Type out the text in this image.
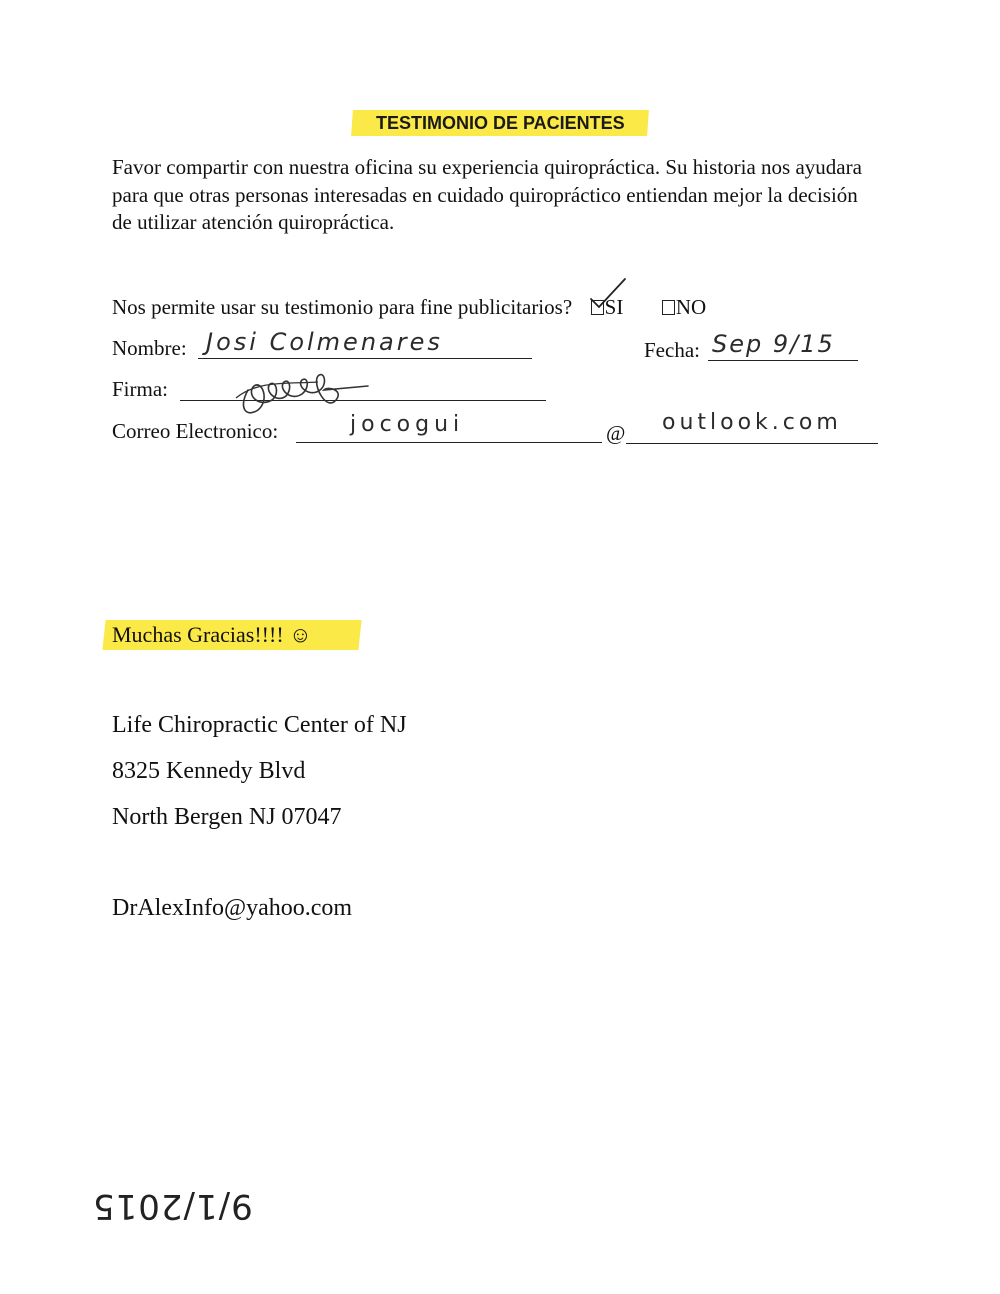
TESTIMONIO DE PACIENTES
Favor compartir con nuestra oficina su experiencia quiropráctica. Su historia nos ayudara para que otras personas interesadas en cuidado quiropráctico entiendan mejor la decisión de utilizar atención quiropráctica.
Nos permite usar su testimonio para fine publicitarios? SI	NO
Nombre: Josi Colmenares	Fecha: Sep 9/15
Firma:
Correo Electronico:	jocogui	@ outlook.com
Muchas Gracias!!!! ☺
Life Chiropractic Center of NJ
8325 Kennedy Blvd
North Bergen NJ 07047
DrAlexInfo@yahoo.com
9/1/2015
